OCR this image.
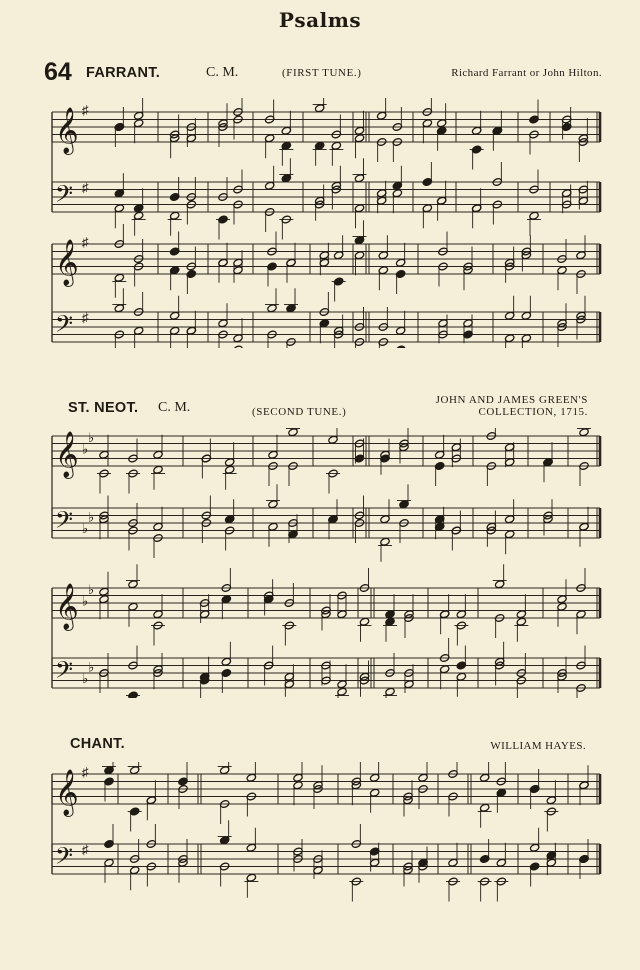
Psalms
64 FARRANT.	C. M.	(FIRST TUNE.)	Richard Farrant or John Hilton.
𝄞 ♯
𝄢 ♯
𝄞 ♯
𝄢 ♯
ST. NEOT. C. M.	(SECOND TUNE.)
JOHN AND JAMES GREEN'S
COLLECTION, 1715.
𝄞 ♭
♭
𝄢 ♭
♭
𝄞 ♭
♭
𝄢 ♭
♭
CHANT.	WILLIAM HAYES.
𝄞 ♯
𝄢 ♯
